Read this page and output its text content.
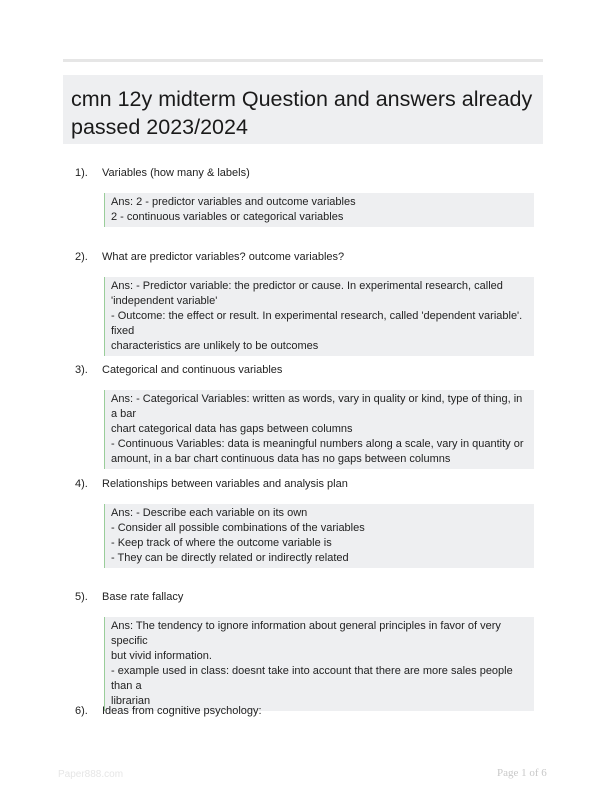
cmn 12y midterm Question and answers already
passed 2023/2024
1). Variables (how many & labels)
Ans: 2 - predictor variables and outcome variables
2 - continuous variables or categorical variables
2). What are predictor variables? outcome variables?
Ans: - Predictor variable: the predictor or cause. In experimental research, called
'independent variable'
- Outcome: the effect or result. In experimental research, called 'dependent variable'. fixed
characteristics are unlikely to be outcomes
3). Categorical and continuous variables
Ans: - Categorical Variables: written as words, vary in quality or kind, type of thing, in a bar
chart categorical data has gaps between columns
- Continuous Variables: data is meaningful numbers along a scale, vary in quantity or
amount, in a bar chart continuous data has no gaps between columns
4). Relationships between variables and analysis plan
Ans: - Describe each variable on its own
- Consider all possible combinations of the variables
- Keep track of where the outcome variable is
- They can be directly related or indirectly related
5). Base rate fallacy
Ans: The tendency to ignore information about general principles in favor of very specific
but vivid information.
- example used in class: doesnt take into account that there are more sales people than a
librarian
6). Ideas from cognitive psychology:
Paper888.com	Page 1 of 6
